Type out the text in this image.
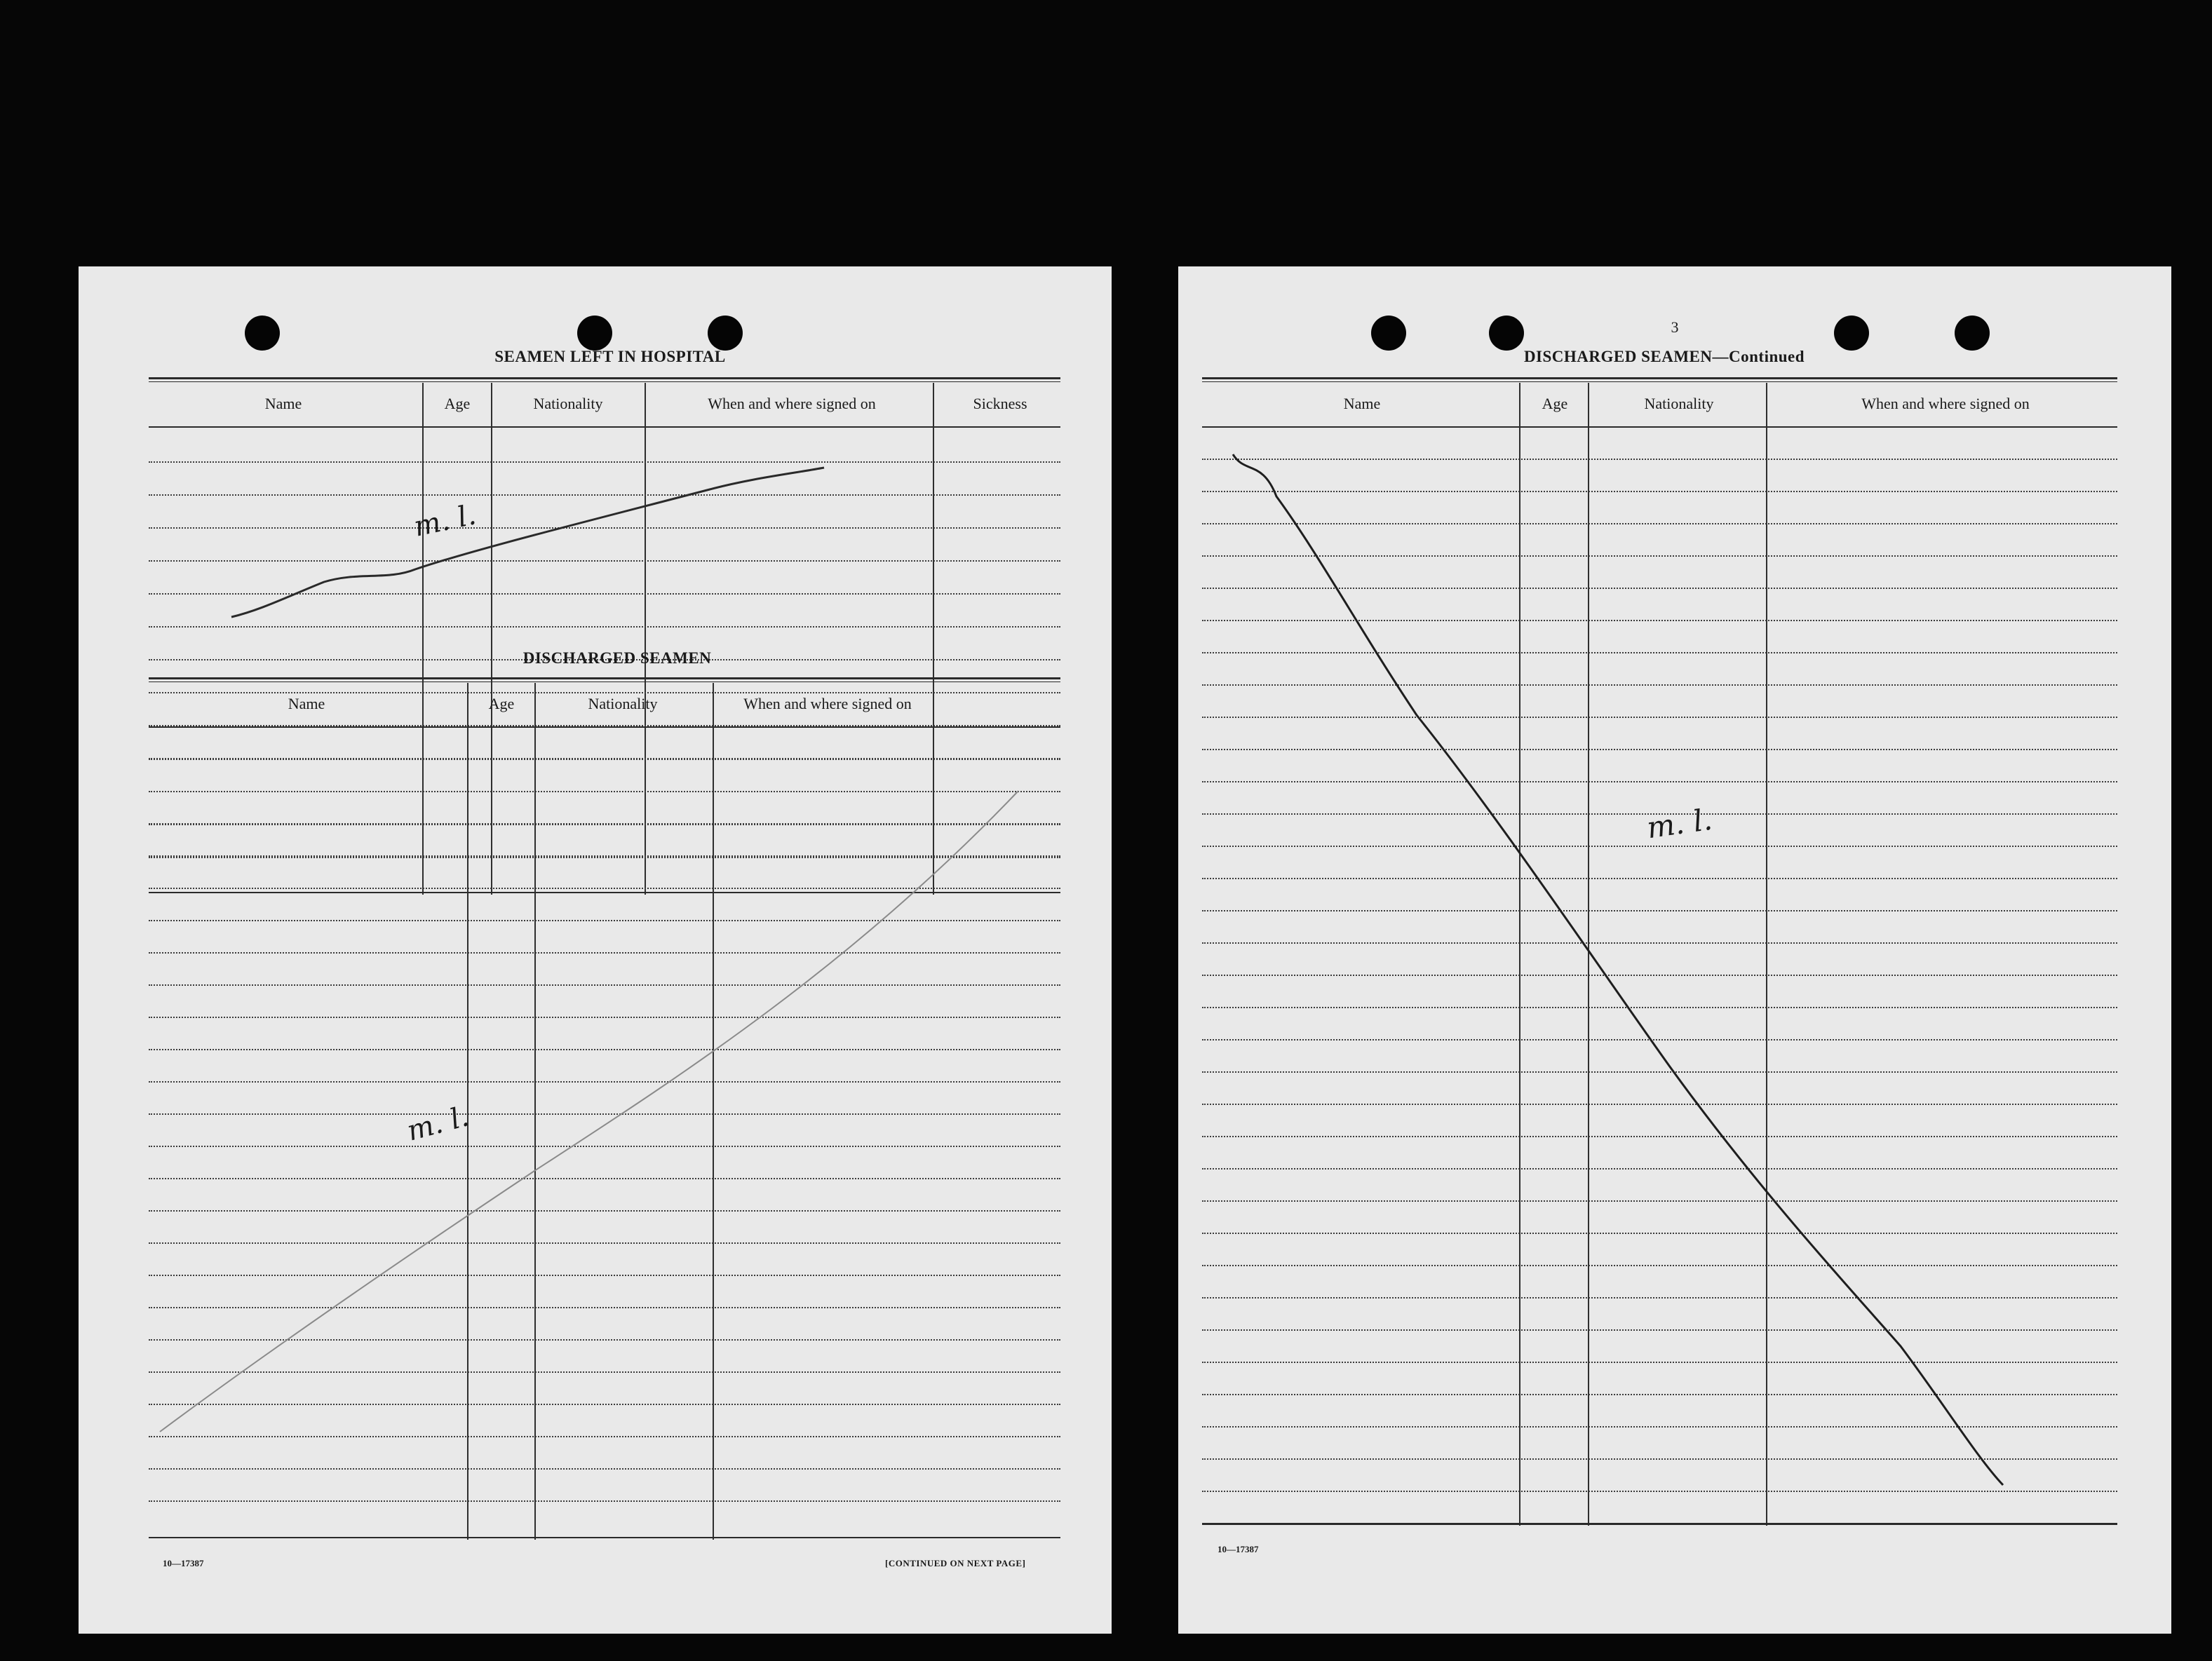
SEAMEN LEFT IN HOSPITAL
Name	Age	Nationality	When and where signed on	Sickness
DISCHARGED SEAMEN
Name	Age	Nationality	When and where signed on
10—17387	[CONTINUED ON NEXT PAGE]
m. l.
m. l.
3
DISCHARGED SEAMEN—Continued
Name	Age	Nationality	When and where signed on
10—17387
m. l.
